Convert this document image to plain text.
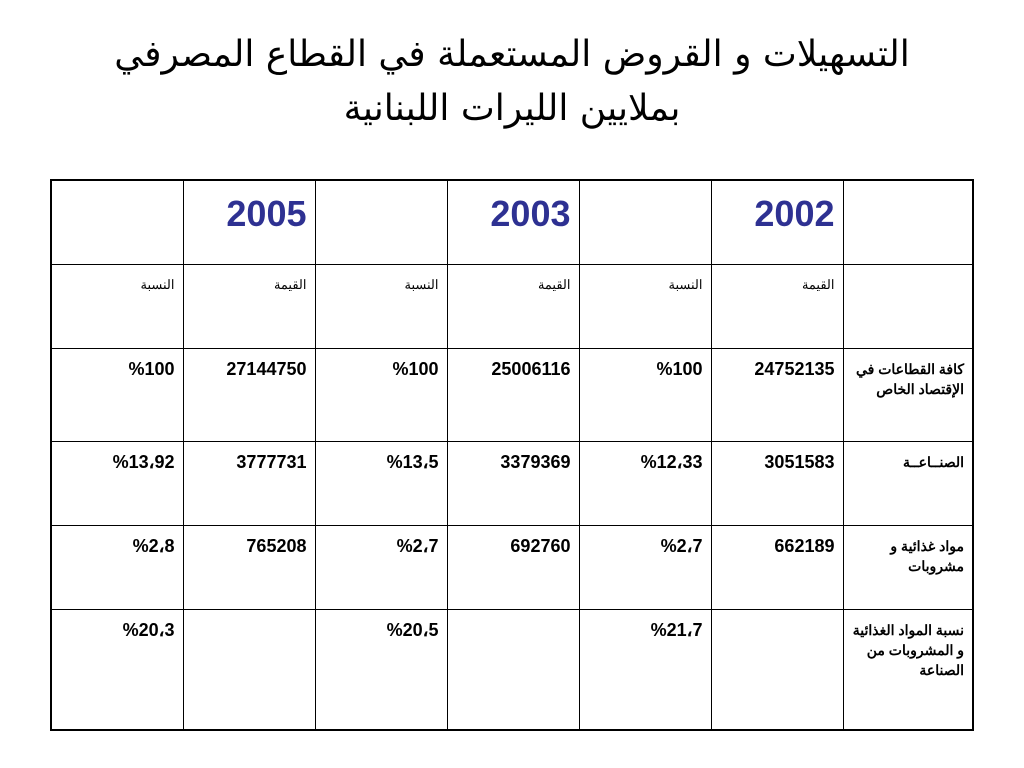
التسهيلات و القروض المستعملة في القطاع المصرفي
بملايين الليرات اللبنانية
	2002		2003		2005	
	القيمة	النسبة	القيمة	النسبة	القيمة	النسبة
كافة القطاعات في الإقتصاد الخاص	24752135	%100	25006116	%100	27144750	%100
الصنــاعــة	3051583	%12،33	3379369	%13،5	3777731	%13،92
مواد غذائية و مشروبات	662189	%2،7	692760	%2،7	765208	%2،8
نسبة المواد الغذائية و المشروبات من الصناعة		%21،7		%20،5		%20،3
